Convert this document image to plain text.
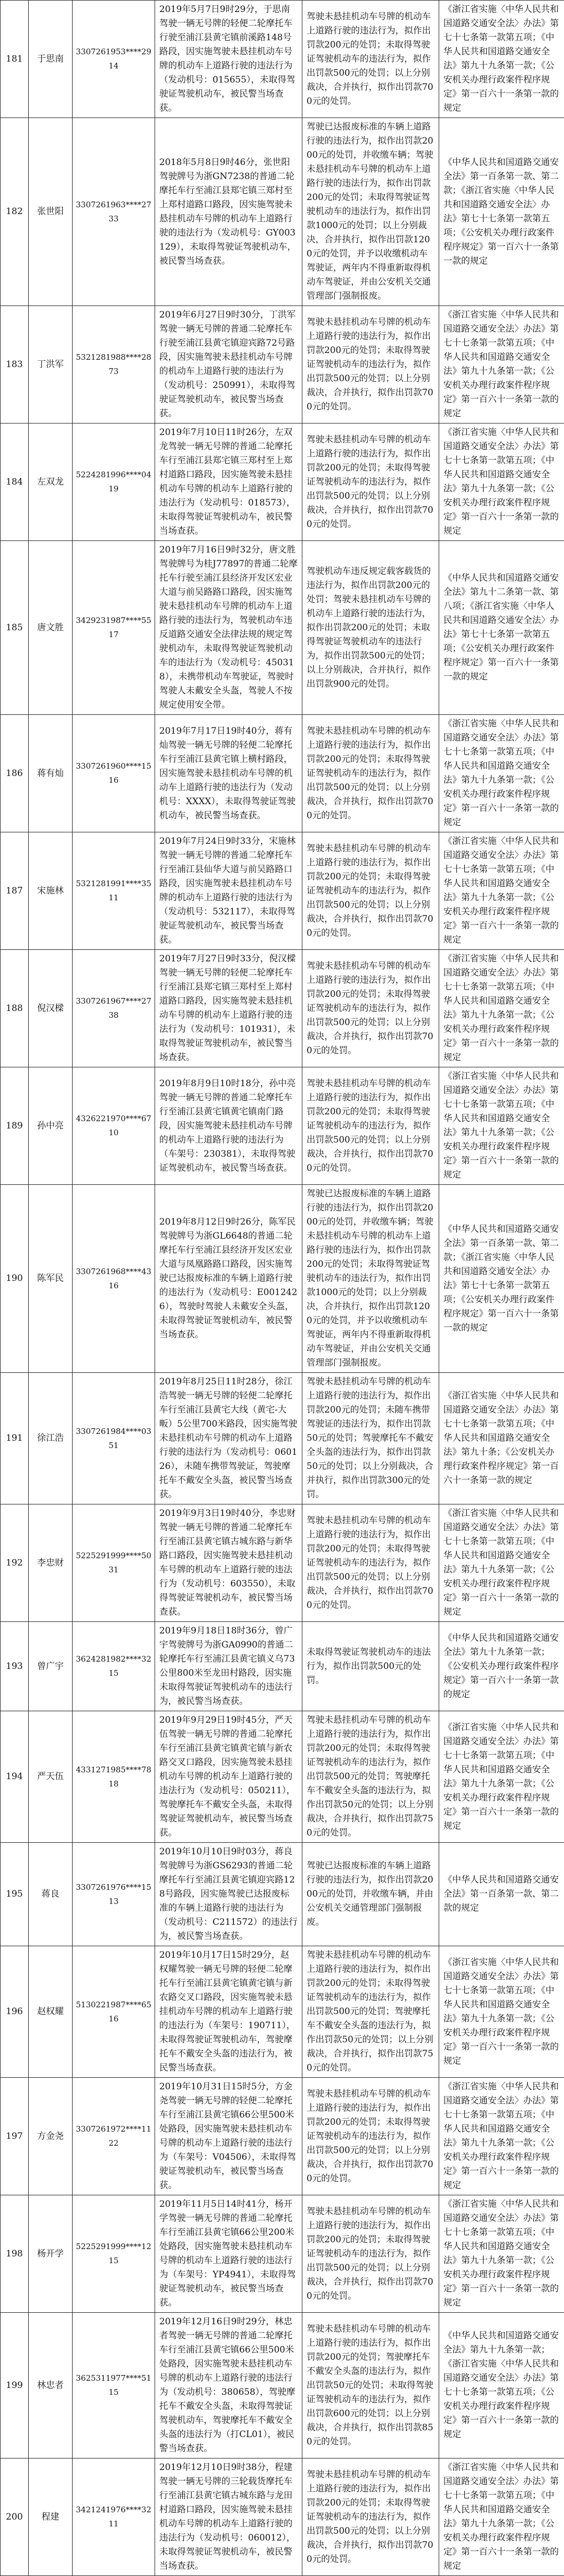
181	于思南	3307261953****2914	2019年5月7日9时29分，于思南驾驶一辆无号牌的轻便二轮摩托车行驶至浦江县黄宅镇前溪路148号路段，因实施驾驶未悬挂机动车号牌的机动车上道路行驶的违法行为（发动机号：015655），未取得驾驶证驾驶机动车，被民警当场查获。	驾驶未悬挂机动车号牌的机动车上道路行驶的违法行为，拟作出罚款200元的处罚；未取得驾驶证驾驶机动车的违法行为，拟作出罚款500元的处罚；以上分别裁决，合并执行，拟作出罚款700元的处罚。	《浙江省实施〈中华人民共和国道路交通安全法〉办法》第七十七条第一款第五项；《中华人民共和国道路交通安全法》第九十九条第一款；《公安机关办理行政案件程序规定》第一百六十一条第一款的规定
182	张世阳	3307261963****2733	2018年5月8日9时46分，张世阳驾驶牌号为浙GN7238的普通二轮摩托车行至浦江县郑宅镇三郑村至上郑村道路口路段，因实施驾驶未悬挂机动车号牌的机动车上道路行驶的违法行为（发动机号：GY003129），未取得驾驶证驾驶机动车，被民警当场查获。	驾驶已达报废标准的车辆上道路行驶的违法行为，拟作出罚款2000元的处罚，并收缴车辆；驾驶未悬挂机动车号牌的机动车上道路行驶的违法行为，拟作出罚款200元的处罚；未取得驾驶证驾驶机动车的违法行为，拟作出罚款1000元的处罚；以上分别裁决，合并执行，拟作出罚款1200元的处罚，并予以收缴机动车驾驶证，两年内不得重新取得机动车驾驶证，并由公安机关交通管理部门强制报废。	《中华人民共和国道路交通安全法》第一百条第一款、第二款；《浙江省实施〈中华人民共和国道路交通安全法〉办法》第七十七条第一款第五项；《公安机关办理行政案件程序规定》第一百六十一条第一款的规定
183	丁洪军	5321281988****2873	2019年6月27日9时30分，丁洪军驾驶一辆无号牌的普通二轮摩托车行驶至浦江县黄宅镇迎宾路72号路段，因实施驾驶未悬挂机动车号牌的机动车上道路行驶的违法行为（发动机号：250991），未取得驾驶证驾驶机动车，被民警当场查获。	驾驶未悬挂机动车号牌的机动车上道路行驶的违法行为，拟作出罚款200元的处罚；未取得驾驶证驾驶机动车的违法行为，拟作出罚款500元的处罚；以上分别裁决，合并执行，拟作出罚款700元的处罚。	《浙江省实施〈中华人民共和国道路交通安全法〉办法》第七十七条第一款第五项；《中华人民共和国道路交通安全法》第九十九条第一款；《公安机关办理行政案件程序规定》第一百六十一条第一款的规定
184	左双龙	5224281996****0419	2019年7月10日11时26分，左双龙驾驶一辆无号牌的普通二轮摩托车行至浦江县郑宅镇三郑村至上郑村道路口路段，因实施驾驶未悬挂机动车号牌的机动车上道路行驶的违法行为（发动机号：018573），未取得驾驶证驾驶机动车，被民警当场查获。	驾驶未悬挂机动车号牌的机动车上道路行驶的违法行为，拟作出罚款200元的处罚；未取得驾驶证驾驶机动车的违法行为，拟作出罚款500元的处罚；以上分别裁决，合并执行，拟作出罚款700元的处罚。	《浙江省实施〈中华人民共和国道路交通安全法〉办法》第七十七条第一款第五项；《中华人民共和国道路交通安全法》第九十九条第一款；《公安机关办理行政案件程序规定》第一百六十一条第一款的规定
185	唐文胜	3429231987****5517	2019年7月16日9时32分，唐文胜驾驶牌号为桂J77897的普通二轮摩托车行驶至浦江县经济开发区宏业大道与前吴路路口路段，因实施驾驶未悬挂机动车号牌的机动车上道路行驶的违法行为，驾驶机动车违反道路交通安全法律法规的规定驾驶机动车，未取得驾驶证驾驶机动车的违法行为（发动机号：450318），未携带机动车驾驶证，驾驶时驾驶人未戴安全头盔，驾驶人不按规定使用安全带。	驾驶机动车违反规定载客载货的违法行为，拟作出罚款200元的处罚；驾驶未悬挂机动车号牌的机动车上道路行驶的违法行为，拟作出罚款200元的处罚；未取得驾驶证驾驶机动车的违法行为，拟作出罚款500元的处罚；以上分别裁决，合并执行，拟作出罚款900元的处罚。	《中华人民共和国道路交通安全法》第九十二条第一款、第八项；《浙江省实施〈中华人民共和国道路交通安全法〉办法》第七十七条第一款第五项；《公安机关办理行政案件程序规定》第一百六十一条第一款的规定
186	蒋有灿	3307261960****1516	2019年7月17日19时40分，蒋有灿驾驶一辆无号牌的轻便二轮摩托车行至浦江县黄宅镇上横村路段，因实施驾驶未悬挂机动车号牌的机动车上道路行驶的违法行为（发动机号：XXXX），未取得驾驶证驾驶机动车，被民警当场查获。	驾驶未悬挂机动车号牌的机动车上道路行驶的违法行为，拟作出罚款200元的处罚；未取得驾驶证驾驶机动车的违法行为，拟作出罚款500元的处罚；以上分别裁决，合并执行，拟作出罚款700元的处罚。	《浙江省实施〈中华人民共和国道路交通安全法〉办法》第七十七条第一款第五项；《中华人民共和国道路交通安全法》第九十九条第一款；《公安机关办理行政案件程序规定》第一百六十一条第一款的规定
187	宋施林	5321281991****3511	2019年7月24日9时33分，宋施林驾驶一辆无号牌的普通二轮摩托车行至浦江县仙华大道与前吴路路口路段，因实施驾驶未悬挂机动车号牌的机动车上道路行驶的违法行为（发动机号：532117），未取得驾驶证驾驶机动车，被民警当场查获。	驾驶未悬挂机动车号牌的机动车上道路行驶的违法行为，拟作出罚款200元的处罚；未取得驾驶证驾驶机动车的违法行为，拟作出罚款500元的处罚；以上分别裁决，合并执行，拟作出罚款700元的处罚。	《浙江省实施〈中华人民共和国道路交通安全法〉办法》第七十七条第一款第五项；《中华人民共和国道路交通安全法》第九十九条第一款；《公安机关办理行政案件程序规定》第一百六十一条第一款的规定
188	倪汉樑	3307261967****2738	2019年7月27日9时33分，倪汉樑驾驶一辆无号牌的轻便二轮摩托车行至浦江县郑宅镇三郑村至上郑村道路口路段，因实施驾驶未悬挂机动车号牌的机动车上道路行驶的违法行为（发动机号：101931），未取得驾驶证驾驶机动车，被民警当场查获。	驾驶未悬挂机动车号牌的机动车上道路行驶的违法行为，拟作出罚款200元的处罚；未取得驾驶证驾驶机动车的违法行为，拟作出罚款500元的处罚；以上分别裁决，合并执行，拟作出罚款700元的处罚。	《浙江省实施〈中华人民共和国道路交通安全法〉办法》第七十七条第一款第五项；《中华人民共和国道路交通安全法》第九十九条第一款；《公安机关办理行政案件程序规定》第一百六十一条第一款的规定
189	孙中亮	4326221970****6710	2019年8月9日10时18分，孙中亮驾驶一辆无号牌的普通二轮摩托车行至浦江县黄宅镇黄宅镇南门路段，因实施驾驶未悬挂机动车号牌的机动车上道路行驶的违法行为（车架号：230381），未取得驾驶证驾驶机动车，被民警当场查获。	驾驶未悬挂机动车号牌的机动车上道路行驶的违法行为，拟作出罚款200元的处罚；未取得驾驶证驾驶机动车的违法行为，拟作出罚款500元的处罚；以上分别裁决，合并执行，拟作出罚款700元的处罚。	《浙江省实施〈中华人民共和国道路交通安全法〉办法》第七十七条第一款第五项；《中华人民共和国道路交通安全法》第九十九条第一款；《公安机关办理行政案件程序规定》第一百六十一条第一款的规定
190	陈军民	3307261968****4316	2019年8月12日9时26分，陈军民驾驶牌号为浙GL6648的普通二轮摩托车行至浦江县经济开发区宏业大道与凤凰路路口路段，因实施驾驶已达报废标准的车辆上道路行驶的违法行为（发动机号：E0012426），驾驶时驾驶人未戴安全头盔，未取得驾驶证驾驶机动车，被民警当场查获。	驾驶已达报废标准的车辆上道路行驶的违法行为，拟作出罚款2000元的处罚，并收缴车辆；驾驶未悬挂机动车号牌的机动车上道路行驶的违法行为，拟作出罚款200元的处罚；未取得驾驶证驾驶机动车的违法行为，拟作出罚款1000元的处罚；以上分别裁决，合并执行，拟作出罚款1200元的处罚，并予以收缴机动车驾驶证，两年内不得重新取得机动车驾驶证，并由公安机关交通管理部门强制报废。	《中华人民共和国道路交通安全法》第一百条第一款、第二款；《浙江省实施〈中华人民共和国道路交通安全法〉办法》第七十七条第一款第五项；《公安机关办理行政案件程序规定》第一百六十一条第一款的规定
191	徐江浩	3307261984****0351	2019年8月25日11时28分，徐江浩驾驶一辆无号牌的轻便二轮摩托车行至浦江县黄宅大线（黄宅-大畈）5公里700米路段，因实施驾驶未悬挂机动车号牌的机动车上道路行驶的违法行为（发动机号：060126），未随车携带驾驶证，驾驶摩托车不戴安全头盔，被民警当场查获。	驾驶未悬挂机动车号牌的机动车上道路行驶的违法行为，拟作出罚款200元的处罚；未随车携带驾驶证的违法行为，拟作出罚款50元的处罚；驾驶摩托车不戴安全头盔的违法行为，拟作出罚款50元的处罚；以上分别裁决，合并执行，拟作出罚款300元的处罚。	《浙江省实施〈中华人民共和国道路交通安全法〉办法》第七十七条第一款第五项；《中华人民共和国道路交通安全法》第九十条；《公安机关办理行政案件程序规定》第一百六十一条第一款的规定
192	李忠财	5225291999****5031	2019年9月3日19时40分，李忠财驾驶一辆无号牌的普通二轮摩托车行至浦江县黄宅镇古城东路与新华路口路段，因实施驾驶未悬挂机动车号牌的机动车上道路行驶的违法行为（发动机号：603550），未取得驾驶证驾驶机动车，被民警当场查获。	驾驶未悬挂机动车号牌的机动车上道路行驶的违法行为，拟作出罚款200元的处罚；未取得驾驶证驾驶机动车的违法行为，拟作出罚款500元的处罚；以上分别裁决，合并执行，拟作出罚款700元的处罚。	《浙江省实施〈中华人民共和国道路交通安全法〉办法》第七十七条第一款第五项；《中华人民共和国道路交通安全法》第九十九条第一款；《公安机关办理行政案件程序规定》第一百六十一条第一款的规定
193	曾广宇	3624281982****3215	2019年9月18日18时36分，曾广宇驾驶牌号为浙GA0990的普通二轮摩托车行至浦江县黄宅镇义乌73公里800米至龙田村路段，因实施未取得驾驶证驾驶机动车的违法行为，被民警当场查获。	未取得驾驶证驾驶机动车的违法行为，拟作出罚款500元的处罚。	《中华人民共和国道路交通安全法》第九十九条第一款；《公安机关办理行政案件程序规定》第一百六十一条第一款的规定
194	严天伍	4331271985****7818	2019年9月29日19时45分，严天伍驾驶一辆无号牌的普通二轮摩托车行至浦江县黄宅镇黄宅镇与新农路交叉口路段，因实施驾驶未悬挂机动车号牌的机动车上道路行驶的违法行为（发动机号：050211），驾驶摩托车不戴安全头盔，未取得驾驶证驾驶机动车，被民警当场查获。	驾驶未悬挂机动车号牌的机动车上道路行驶的违法行为，拟作出罚款200元的处罚；未取得驾驶证驾驶机动车的违法行为，拟作出罚款500元的处罚；驾驶摩托车不戴安全头盔的违法行为，拟作出罚款50元的处罚；以上分别裁决，合并执行，拟作出罚款750元的处罚。	《浙江省实施〈中华人民共和国道路交通安全法〉办法》第七十七条第一款第五项；《中华人民共和国道路交通安全法》第九十九条第一款；《公安机关办理行政案件程序规定》第一百六十一条第一款的规定
195	蒋良	3307261976****1513	2019年10月10日9时03分，蒋良驾驶牌号为浙GS6293的普通二轮摩托车行至浦江县黄宅镇迎宾路128号路段，因实施驾驶已达报废标准的车辆上道路行驶的违法行为（发动机号：C211572）的违法行为，被民警当场查获。	驾驶已达报废标准的车辆上道路行驶的违法行为，拟作出罚款2000元的处罚，并收缴车辆，并由公安机关交通管理部门强制报废。	《中华人民共和国道路交通安全法》第一百条第一款、第二款的规定
196	赵权耀	5130221987****6516	2019年10月17日15时29分，赵权耀驾驶一辆无号牌的轻便二轮摩托车行至浦江县黄宅镇黄宅镇与新农路交叉口路段，因实施驾驶未悬挂机动车号牌的机动车上道路行驶的违法行为（车架号：190711），未取得驾驶证驾驶机动车，驾驶摩托车不戴安全头盔的违法行为，被民警当场查获。	驾驶未悬挂机动车号牌的机动车上道路行驶的违法行为，拟作出罚款200元的处罚；未取得驾驶证驾驶机动车的违法行为，拟作出罚款500元的处罚；驾驶摩托车不戴安全头盔的违法行为，拟作出罚款50元的处罚；以上分别裁决，合并执行，拟作出罚款750元的处罚。	《浙江省实施〈中华人民共和国道路交通安全法〉办法》第七十七条第一款第五项；《中华人民共和国道路交通安全法》第九十九条第一款；《公安机关办理行政案件程序规定》第一百六十一条第一款的规定
197	方金尧	3307261972****1122	2019年10月31日15时5分，方金尧驾驶一辆无号牌的轻便二轮摩托车行至浦江县黄宅镇66公里500米处路段，因实施驾驶未悬挂机动车号牌的机动车上道路行驶的违法行为（车架号：V04506），未取得驾驶证驾驶机动车，被民警当场查获。	驾驶未悬挂机动车号牌的机动车上道路行驶的违法行为，拟作出罚款200元的处罚；未取得驾驶证驾驶机动车的违法行为，拟作出罚款500元的处罚；以上分别裁决，合并执行，拟作出罚款700元的处罚。	《浙江省实施〈中华人民共和国道路交通安全法〉办法》第七十七条第一款第五项；《中华人民共和国道路交通安全法》第九十九条第一款；《公安机关办理行政案件程序规定》第一百六十一条第一款的规定
198	杨开学	5225291999****1215	2019年11月5日14时41分，杨开学驾驶一辆无号牌的普通二轮摩托车行至浦江县黄宅镇66公里200米处路段，因实施驾驶未悬挂机动车号牌的机动车上道路行驶的违法行为（车架号：YP4941），未取得驾驶证驾驶机动车，被民警当场查获。	驾驶未悬挂机动车号牌的机动车上道路行驶的违法行为，拟作出罚款200元的处罚；未取得驾驶证驾驶机动车的违法行为，拟作出罚款500元的处罚；以上分别裁决，合并执行，拟作出罚款700元的处罚。	《浙江省实施〈中华人民共和国道路交通安全法〉办法》第七十七条第一款第五项；《中华人民共和国道路交通安全法》第九十九条第一款；《公安机关办理行政案件程序规定》第一百六十一条第一款的规定
199	林忠者	3625311977****5115	2019年12月16日9时29分，林忠者驾驶一辆无号牌的普通二轮摩托车行至浦江县黄宅镇66公里500米处路段，因实施驾驶未悬挂机动车号牌的机动车上道路行驶的违法行为（发动机号：380658），驾驶摩托车不戴安全头盔，未取得驾驶证驾驶机动车，驾驶摩托车不戴安全头盔的违法行为（打CL01），被民警当场查获。	驾驶未悬挂机动车号牌的机动车上道路行驶的违法行为，拟作出罚款200元的处罚；驾驶摩托车不戴安全头盔的违法行为，拟作出罚款50元的处罚；未取得驾驶证驾驶机动车的违法行为，拟作出罚款600元的处罚；以上分别裁决，合并执行，拟作出罚款850元的处罚。	《中华人民共和国道路交通安全法》第九十九条第一款；《浙江省实施〈中华人民共和国道路交通安全法〉办法》第七十七条第一款第五项；《公安机关办理行政案件程序规定》第一百六十一条第一款的规定
200	程建	3421241976****3211	2019年12月10日9时38分，程建驾驶一辆无号牌的三轮载货摩托车行至浦江县黄宅镇古城东路与龙田村道路口路段，因实施驾驶未悬挂机动车号牌的机动车上道路行驶的违法行为（发动机号：060012），未取得驾驶证驾驶机动车，被民警当场查获。	驾驶未悬挂机动车号牌的机动车上道路行驶的违法行为，拟作出罚款200元的处罚；未取得驾驶证驾驶机动车的违法行为，拟作出罚款500元的处罚；以上分别裁决，合并执行，拟作出罚款700元的处罚。	《浙江省实施〈中华人民共和国道路交通安全法〉办法》第七十七条第一款第五项；《中华人民共和国道路交通安全法》第九十九条第一款；《公安机关办理行政案件程序规定》第一百六十一条第一款的规定
